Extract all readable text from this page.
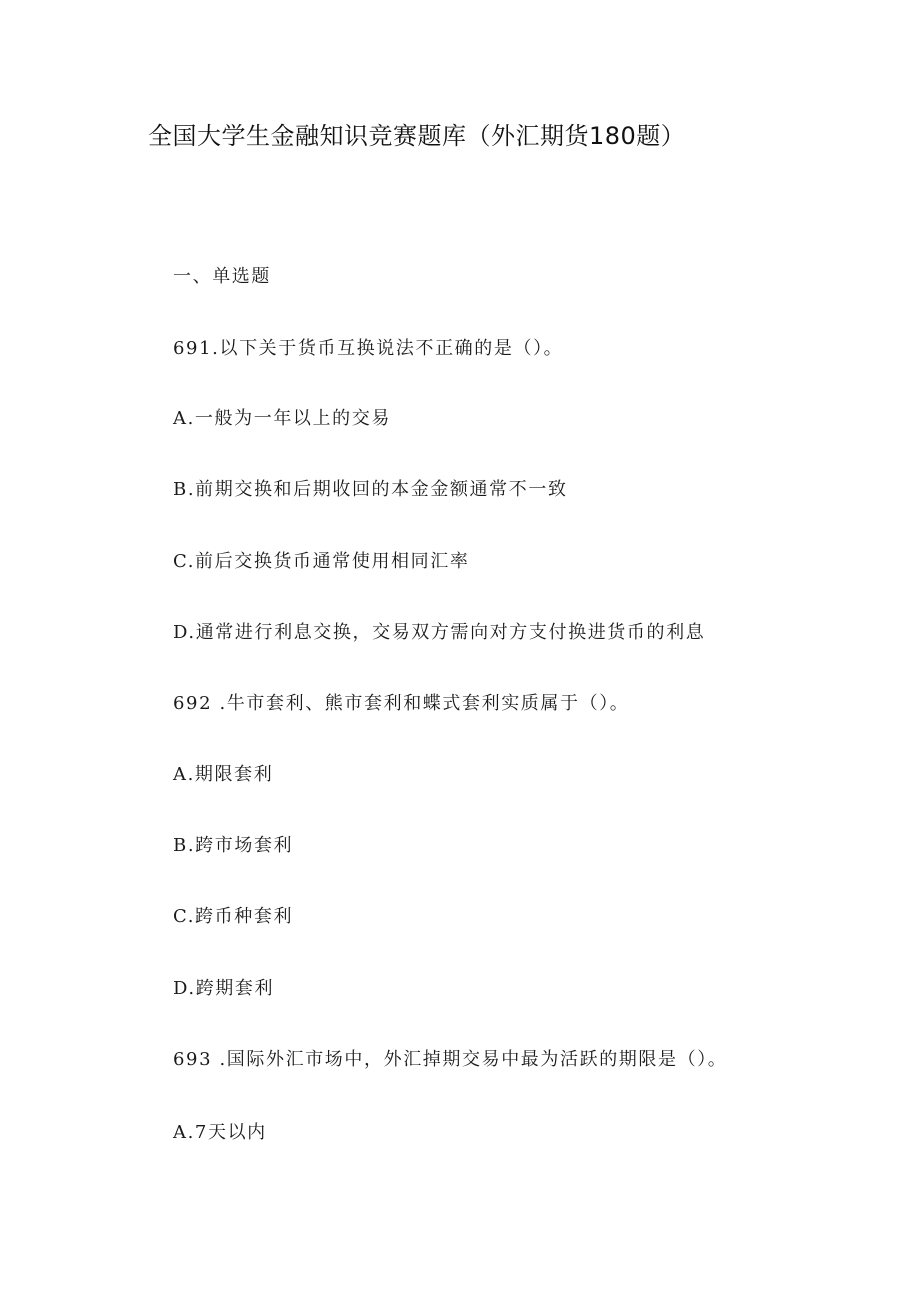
全国大学生金融知识竞赛题库（外汇期货180题）
一、单选题
691.以下关于货币互换说法不正确的是（）。
A.一般为一年以上的交易
B.前期交换和后期收回的本金金额通常不一致
C.前后交换货币通常使用相同汇率
D.通常进行利息交换，交易双方需向对方支付换进货币的利息
692 .牛市套利、熊市套利和蝶式套利实质属于（）。
A.期限套利
B.跨市场套利
C.跨币种套利
D.跨期套利
693 .国际外汇市场中，外汇掉期交易中最为活跃的期限是（）。
A.7天以内
